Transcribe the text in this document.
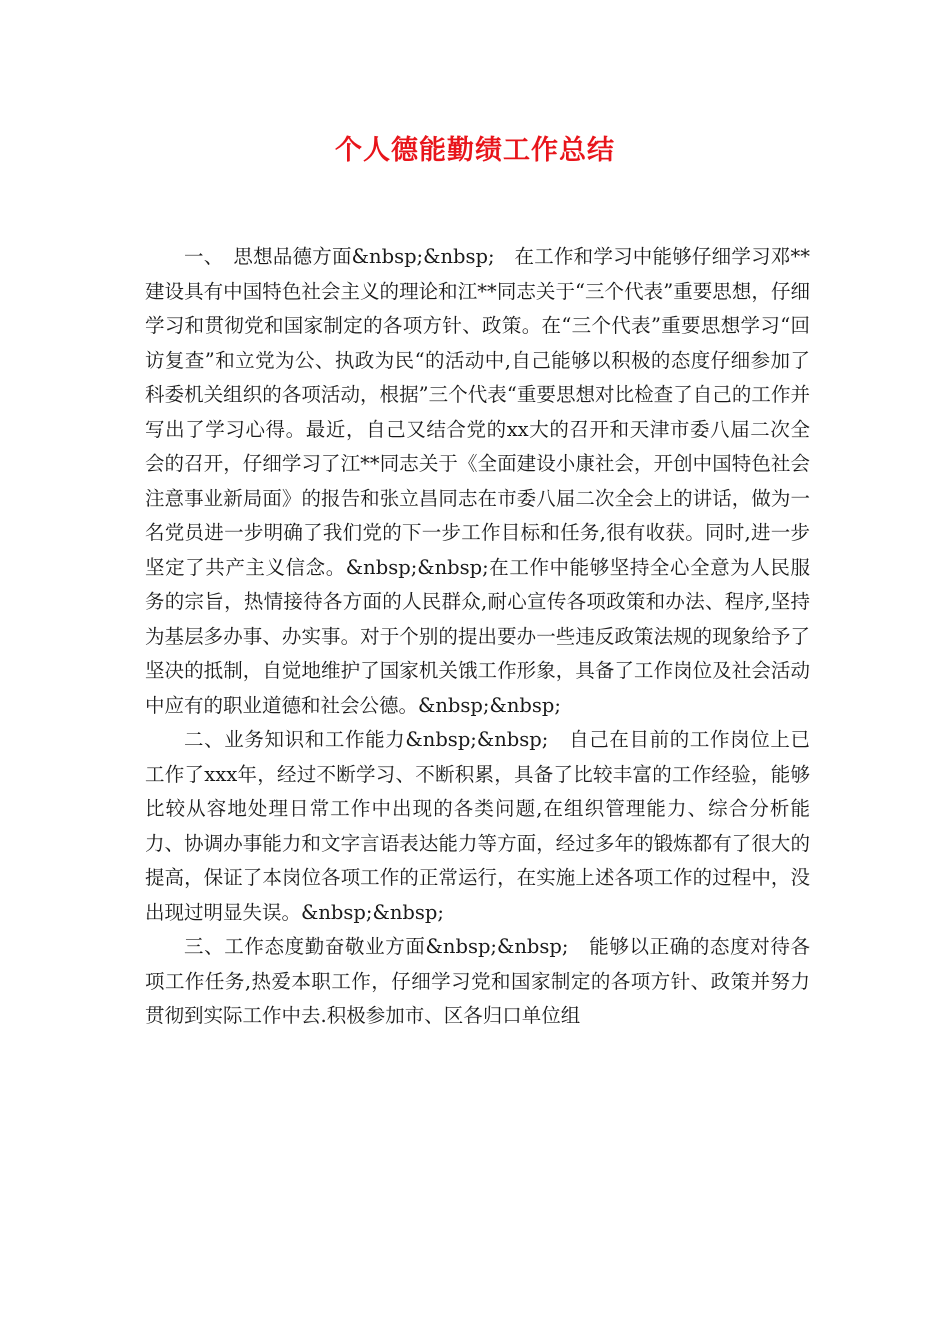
个人德能勤绩工作总结

一、　思想品德方面&nbsp;&nbsp;　在工作和学习中能够仔细学习邓**建设具有中国特色社会主义的理论和江**同志关于“三个代表”重要思想，仔细学习和贯彻党和国家制定的各项方针、政策。在“三个代表”重要思想学习“回访复查”和立党为公、执政为民“的活动中,自己能够以积极的态度仔细参加了科委机关组织的各项活动，根据”三个代表“重要思想对比检查了自己的工作并写出了学习心得。最近，自己又结合党的xx大的召开和天津市委八届二次全会的召开，仔细学习了江**同志关于《全面建设小康社会，开创中国特色社会注意事业新局面》的报告和张立昌同志在市委八届二次全会上的讲话，做为一名党员进一步明确了我们党的下一步工作目标和任务,很有收获。同时,进一步坚定了共产主义信念。&nbsp;&nbsp;在工作中能够坚持全心全意为人民服务的宗旨，热情接待各方面的人民群众,耐心宣传各项政策和办法、程序,坚持为基层多办事、办实事。对于个别的提出要办一些违反政策法规的现象给予了坚决的抵制，自觉地维护了国家机关饿工作形象，具备了工作岗位及社会活动中应有的职业道德和社会公德。&nbsp;&nbsp;

二、业务知识和工作能力&nbsp;&nbsp;　自己在目前的工作岗位上已工作了xxx年，经过不断学习、不断积累，具备了比较丰富的工作经验，能够比较从容地处理日常工作中出现的各类问题,在组织管理能力、综合分析能力、协调办事能力和文字言语表达能力等方面，经过多年的锻炼都有了很大的提高，保证了本岗位各项工作的正常运行，在实施上述各项工作的过程中，没出现过明显失误。&nbsp;&nbsp;

三、工作态度勤奋敬业方面&nbsp;&nbsp;　能够以正确的态度对待各项工作任务,热爱本职工作，仔细学习党和国家制定的各项方针、政策并努力贯彻到实际工作中去.积极参加市、区各归口单位组
